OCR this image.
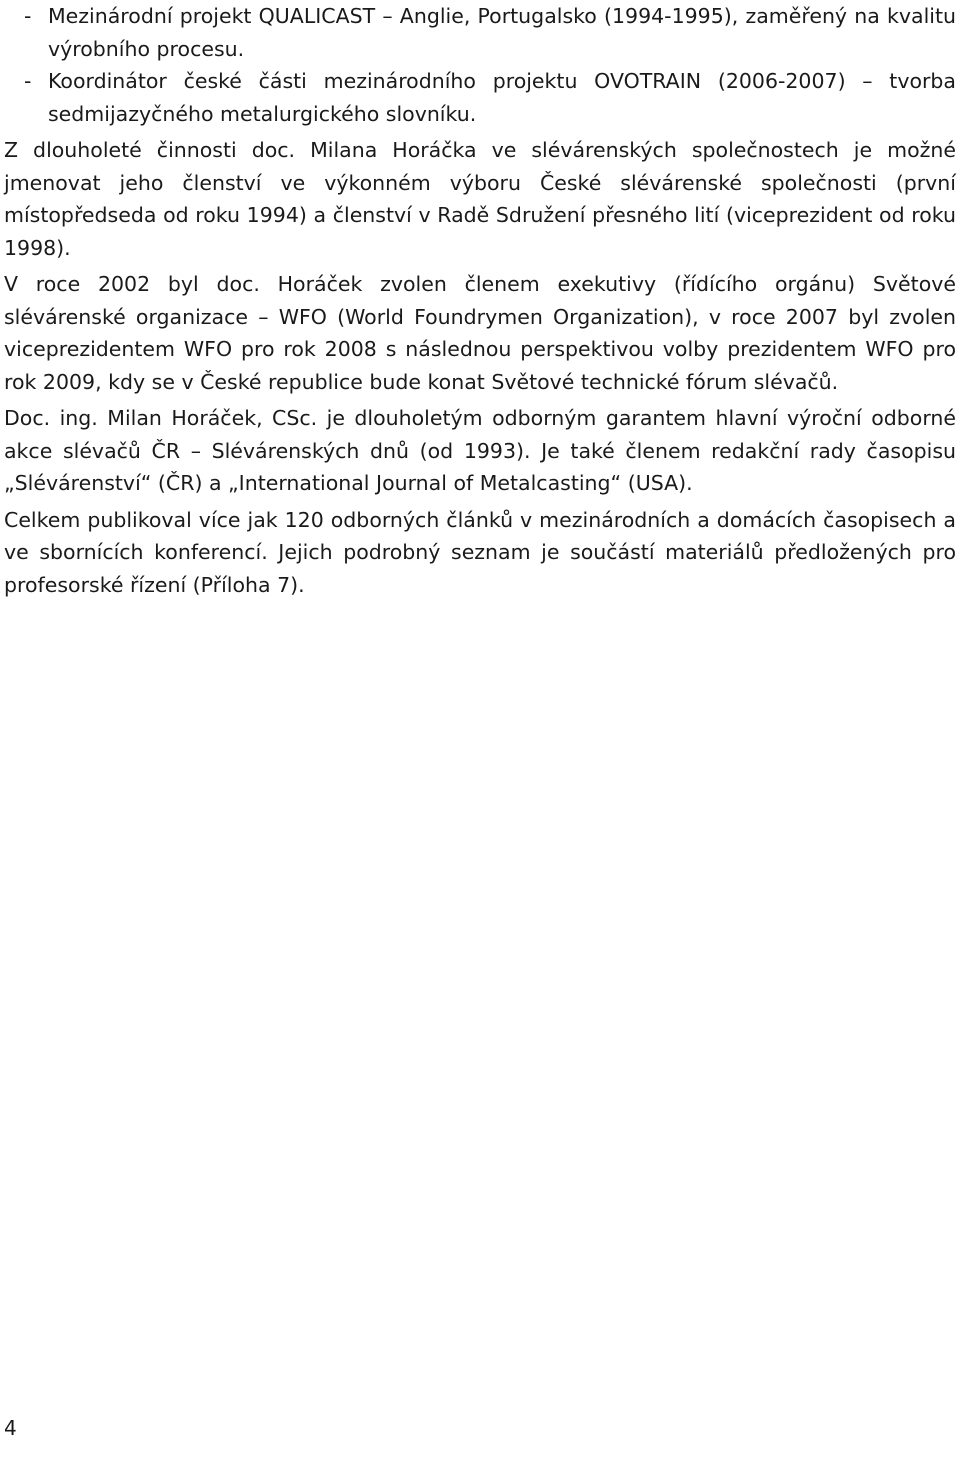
- Mezinárodní projekt QUALICAST – Anglie, Portugalsko (1994-1995), zaměřený na kvalitu výrobního procesu.
- Koordinátor české části mezinárodního projektu OVOTRAIN (2006-2007) – tvorba sedmijazyčného metalurgického slovníku.

Z dlouholeté činnosti doc. Milana Horáčka ve slévárenských společnostech je možné jmenovat jeho členství ve výkonném výboru České slévárenské společnosti (první místopředseda od roku 1994) a členství v Radě Sdružení přesného lití (viceprezident od roku 1998).

V roce 2002 byl doc. Horáček zvolen členem exekutivy (řídícího orgánu) Světové slévárenské organizace – WFO (World Foundrymen Organization), v roce 2007 byl zvolen viceprezidentem WFO pro rok 2008 s následnou perspektivou volby prezidentem WFO pro rok 2009, kdy se v České republice bude konat Světové technické fórum slévačů.

Doc. ing. Milan Horáček, CSc. je dlouholetým odborným garantem hlavní výroční odborné akce slévačů ČR – Slévárenských dnů (od 1993). Je také členem redakční rady časopisu „Slévárenství“ (ČR) a „International Journal of Metalcasting“ (USA).

Celkem publikoval více jak 120 odborných článků v mezinárodních a domácích časopisech a ve sbornících konferencí. Jejich podrobný seznam je součástí materiálů předložených pro profesorské řízení (Příloha 7).

4
